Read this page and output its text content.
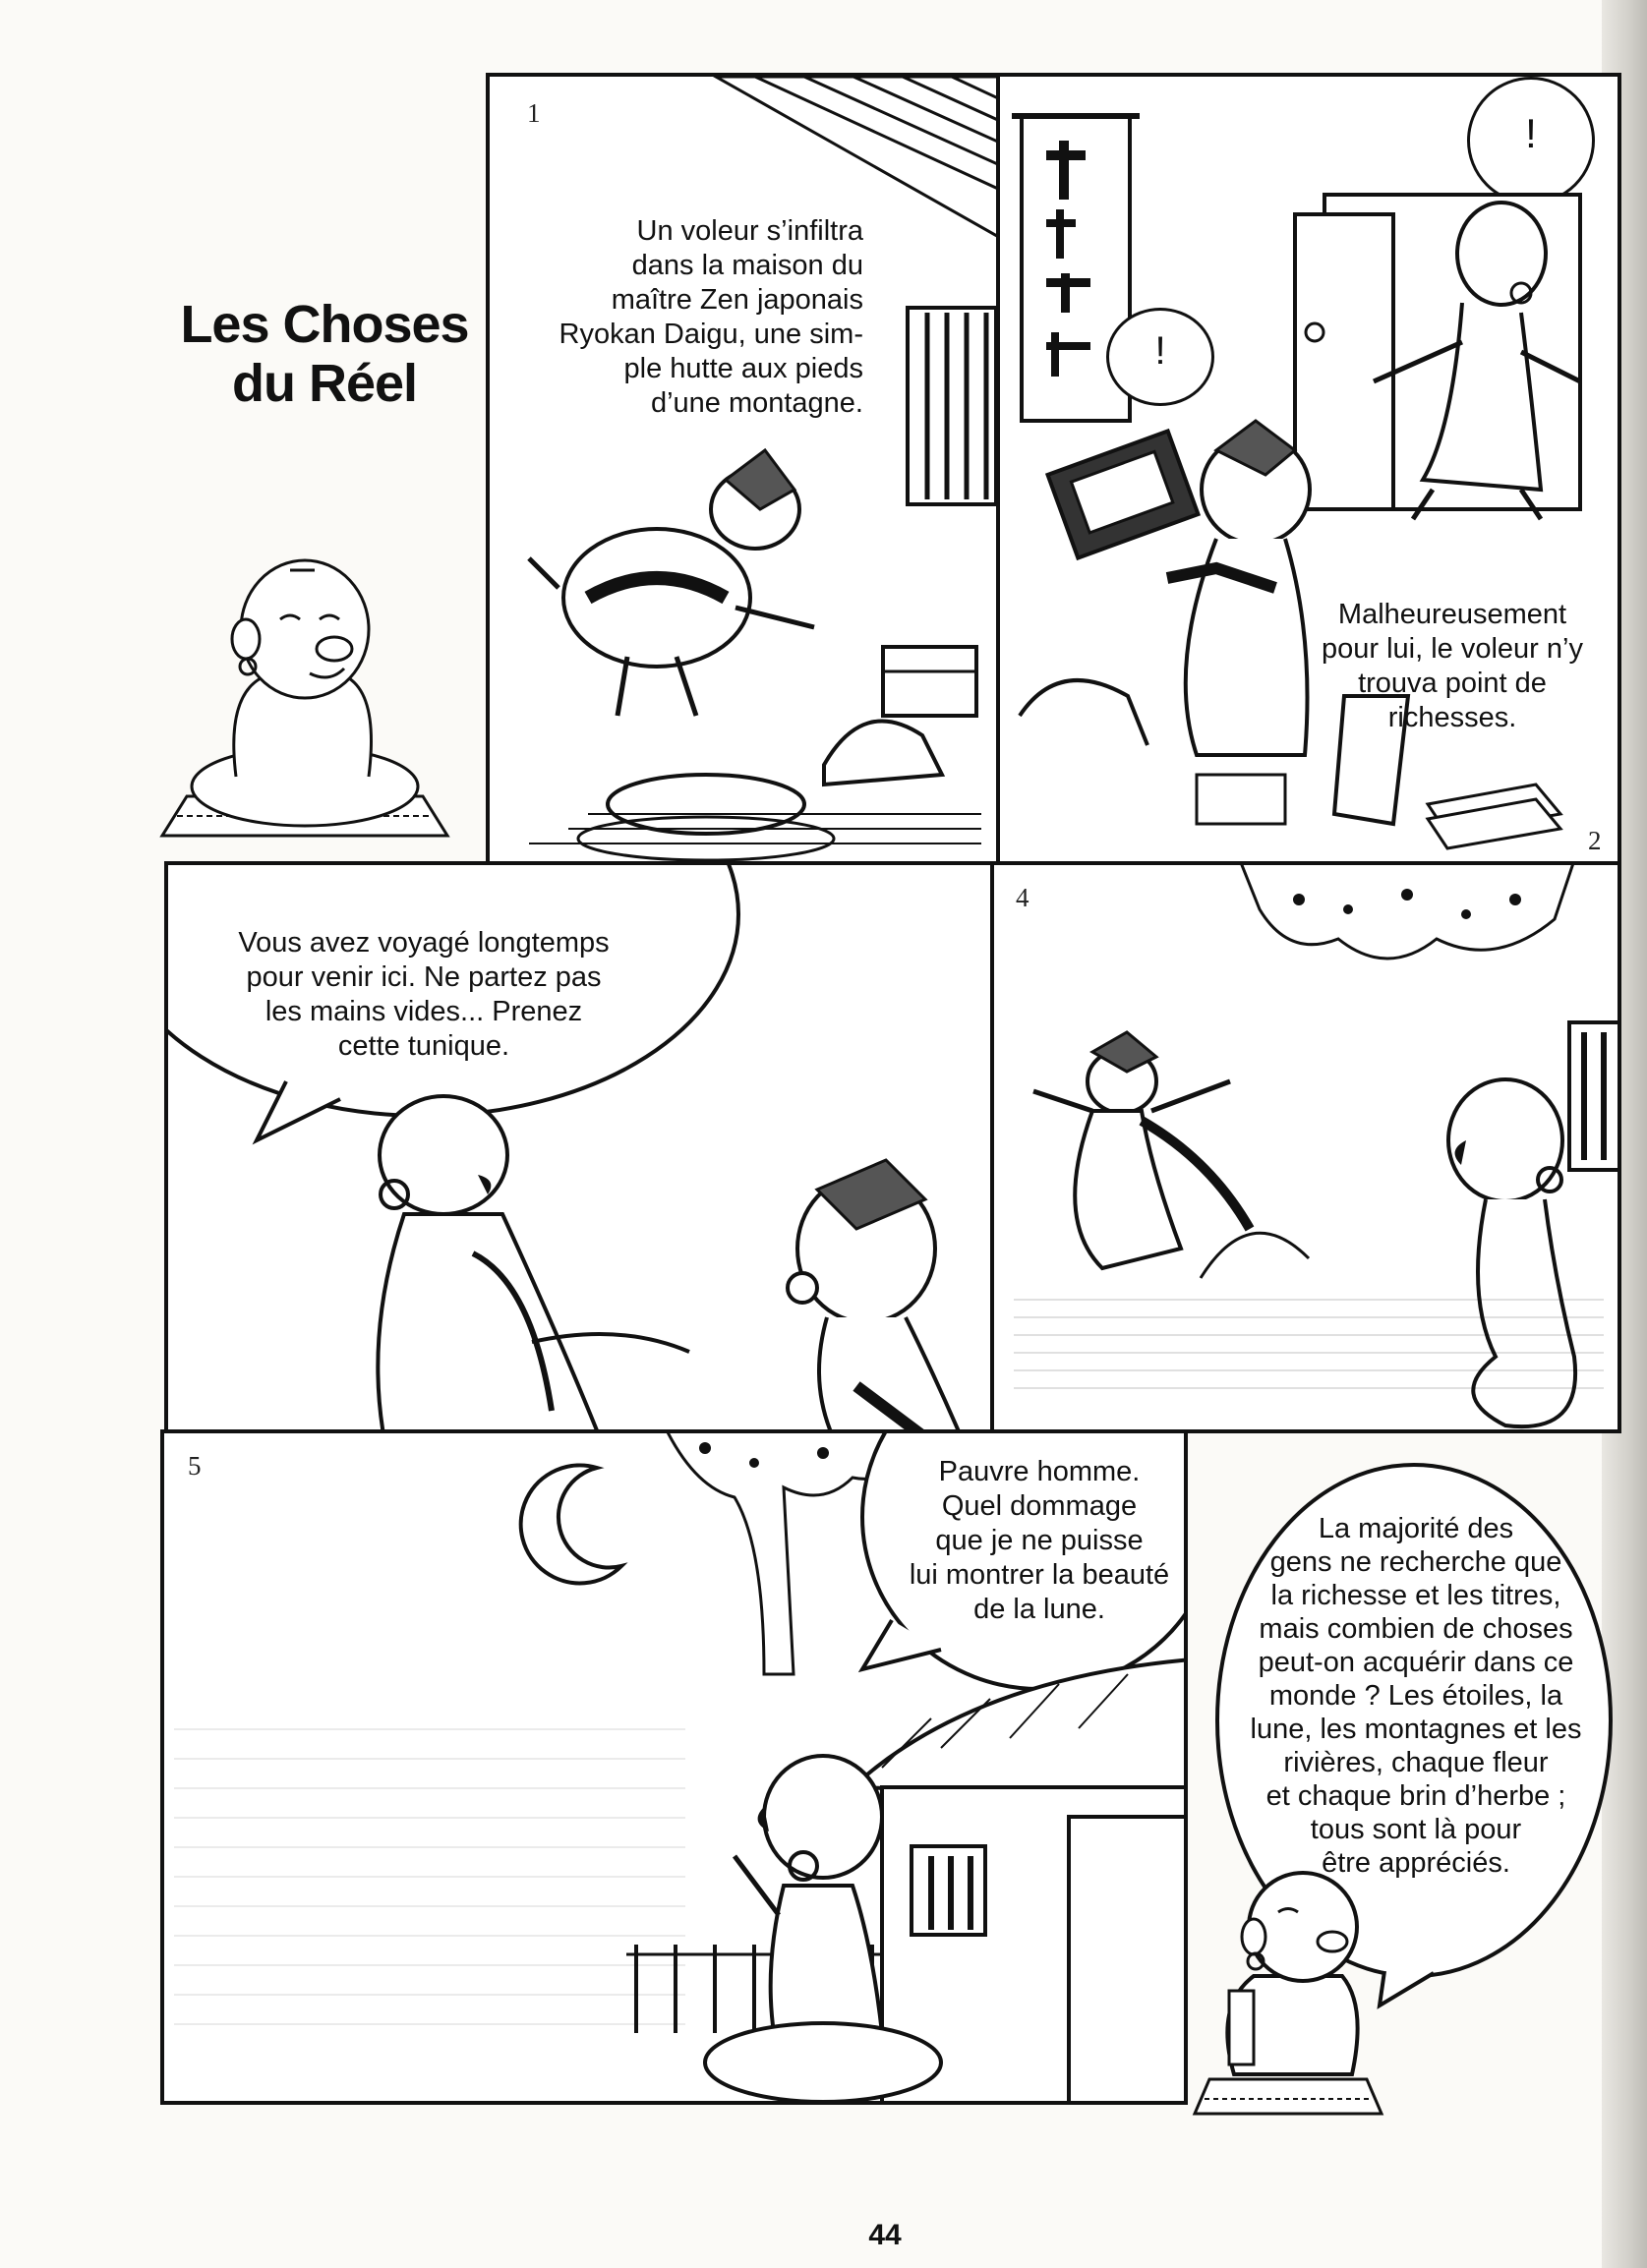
Les Choses
du Réel
1
Un voleur s’infiltra
dans la maison du
maître Zen japonais
Ryokan Daigu, une sim-
ple hutte aux pieds
d’une montagne.
!
!
Malheureusement
pour lui, le voleur n’y
trouva point de
richesses.
2
Vous avez voyagé longtemps
pour venir ici. Ne partez pas
les mains vides... Prenez
cette tunique.
4
5	Pauvre homme.
Quel dommage
que je ne puisse
lui montrer la beauté
de la lune.
La majorité des
gens ne recherche que
la richesse et les titres,
mais combien de choses
peut-on acquérir dans ce
monde ? Les étoiles, la
lune, les montagnes et les
rivières, chaque fleur
et chaque brin d’herbe ;
tous sont là pour
être appréciés.
44
